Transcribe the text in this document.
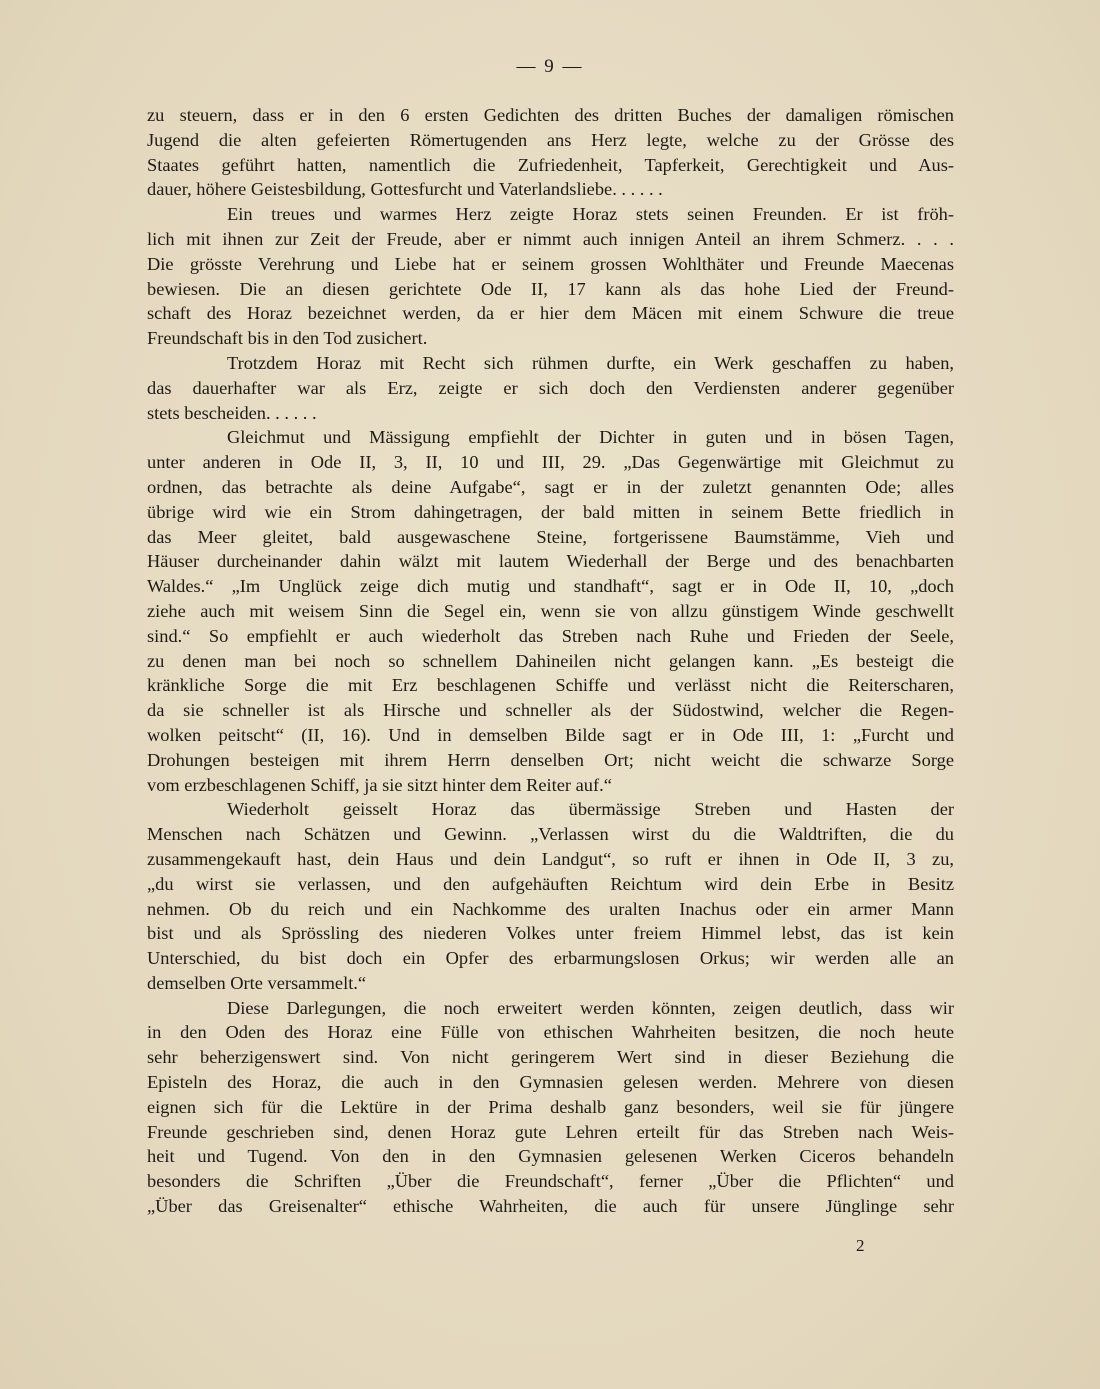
— 9 —
zu steuern, dass er in den 6 ersten Gedichten des dritten Buches der damaligen römischen
Jugend die alten gefeierten Römertugenden ans Herz legte, welche zu der Grösse des
Staates geführt hatten, namentlich die Zufriedenheit, Tapferkeit, Gerechtigkeit und Aus-
dauer, höhere Geistesbildung, Gottesfurcht und Vaterlandsliebe. . . . . .
Ein treues und warmes Herz zeigte Horaz stets seinen Freunden. Er ist fröh-
lich mit ihnen zur Zeit der Freude, aber er nimmt auch innigen Anteil an ihrem Schmerz. . . .
Die grösste Verehrung und Liebe hat er seinem grossen Wohlthäter und Freunde Maecenas
bewiesen. Die an diesen gerichtete Ode II, 17 kann als das hohe Lied der Freund-
schaft des Horaz bezeichnet werden, da er hier dem Mäcen mit einem Schwure die treue
Freundschaft bis in den Tod zusichert.
Trotzdem Horaz mit Recht sich rühmen durfte, ein Werk geschaffen zu haben,
das dauerhafter war als Erz, zeigte er sich doch den Verdiensten anderer gegenüber
stets bescheiden. . . . . .
Gleichmut und Mässigung empfiehlt der Dichter in guten und in bösen Tagen,
unter anderen in Ode II, 3, II, 10 und III, 29. „Das Gegenwärtige mit Gleichmut zu
ordnen, das betrachte als deine Aufgabe“, sagt er in der zuletzt genannten Ode; alles
übrige wird wie ein Strom dahingetragen, der bald mitten in seinem Bette friedlich in
das Meer gleitet, bald ausgewaschene Steine, fortgerissene Baumstämme, Vieh und
Häuser durcheinander dahin wälzt mit lautem Wiederhall der Berge und des benachbarten
Waldes.“ „Im Unglück zeige dich mutig und standhaft“, sagt er in Ode II, 10, „doch
ziehe auch mit weisem Sinn die Segel ein, wenn sie von allzu günstigem Winde geschwellt
sind.“ So empfiehlt er auch wiederholt das Streben nach Ruhe und Frieden der Seele,
zu denen man bei noch so schnellem Dahineilen nicht gelangen kann. „Es besteigt die
kränkliche Sorge die mit Erz beschlagenen Schiffe und verlässt nicht die Reiterscharen,
da sie schneller ist als Hirsche und schneller als der Südostwind, welcher die Regen-
wolken peitscht“ (II, 16). Und in demselben Bilde sagt er in Ode III, 1: „Furcht und
Drohungen besteigen mit ihrem Herrn denselben Ort; nicht weicht die schwarze Sorge
vom erzbeschlagenen Schiff, ja sie sitzt hinter dem Reiter auf.“
Wiederholt geisselt Horaz das übermässige Streben und Hasten der
Menschen nach Schätzen und Gewinn. „Verlassen wirst du die Waldtriften, die du
zusammengekauft hast, dein Haus und dein Landgut“, so ruft er ihnen in Ode II, 3 zu,
„du wirst sie verlassen, und den aufgehäuften Reichtum wird dein Erbe in Besitz
nehmen. Ob du reich und ein Nachkomme des uralten Inachus oder ein armer Mann
bist und als Sprössling des niederen Volkes unter freiem Himmel lebst, das ist kein
Unterschied, du bist doch ein Opfer des erbarmungslosen Orkus; wir werden alle an
demselben Orte versammelt.“
Diese Darlegungen, die noch erweitert werden könnten, zeigen deutlich, dass wir
in den Oden des Horaz eine Fülle von ethischen Wahrheiten besitzen, die noch heute
sehr beherzigenswert sind. Von nicht geringerem Wert sind in dieser Beziehung die
Episteln des Horaz, die auch in den Gymnasien gelesen werden. Mehrere von diesen
eignen sich für die Lektüre in der Prima deshalb ganz besonders, weil sie für jüngere
Freunde geschrieben sind, denen Horaz gute Lehren erteilt für das Streben nach Weis-
heit und Tugend. Von den in den Gymnasien gelesenen Werken Ciceros behandeln
besonders die Schriften „Über die Freundschaft“, ferner „Über die Pflichten“ und
„Über das Greisenalter“ ethische Wahrheiten, die auch für unsere Jünglinge sehr
2
